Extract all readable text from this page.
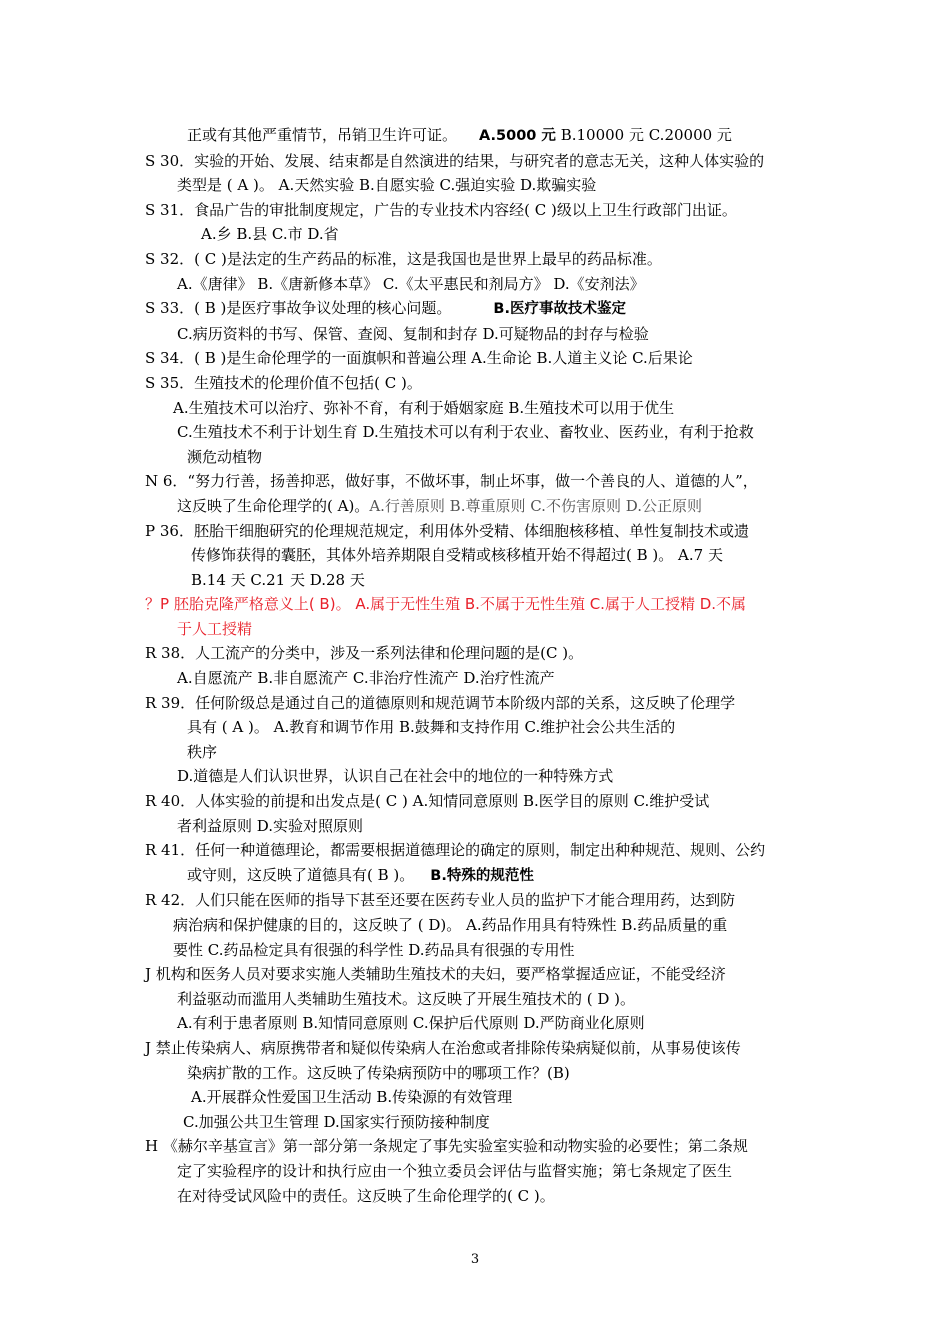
正或有其他严重情节，吊销卫生许可证。 A.5000 元 B.10000 元 C.20000 元
S 30．实验的开始、发展、结束都是自然演进的结果，与研究者的意志无关，这种人体实验的
类型是 ( A )。 A.天然实验 B.自愿实验 C.强迫实验 D.欺骗实验
S 31．食品广告的审批制度规定，广告的专业技术内容经( C )级以上卫生行政部门出证。
A.乡 B.县 C.市 D.省
S 32．( C )是法定的生产药品的标准，这是我国也是世界上最早的药品标准。
A.《唐律》 B.《唐新修本草》 C.《太平惠民和剂局方》 D.《安剂法》
S 33．( B )是医疗事故争议处理的核心问题。	B.医疗事故技术鉴定
C.病历资料的书写、保管、查阅、复制和封存 D.可疑物品的封存与检验
S 34．( B )是生命伦理学的一面旗帜和普遍公理 A.生命论 B.人道主义论 C.后果论
S 35．生殖技术的伦理价值不包括( C )。
A.生殖技术可以治疗、弥补不育，有利于婚姻家庭 B.生殖技术可以用于优生
C.生殖技术不利于计划生育 D.生殖技术可以有利于农业、畜牧业、医药业，有利于抢救
濒危动植物
N 6．“努力行善，扬善抑恶，做好事，不做坏事，制止坏事，做一个善良的人、道德的人”，
这反映了生命伦理学的( A)。A.行善原则 B.尊重原则 C.不伤害原则 D.公正原则
P 36．胚胎干细胞研究的伦理规范规定，利用体外受精、体细胞核移植、单性复制技术或遗
传修饰获得的囊胚，其体外培养期限自受精或核移植开始不得超过( B )。 A.7 天
B.14 天 C.21 天 D.28 天
？P 胚胎克隆严格意义上( B)。 A.属于无性生殖 B.不属于无性生殖 C.属于人工授精 D.不属
于人工授精
R 38．人工流产的分类中，涉及一系列法律和伦理问题的是(C )。
A.自愿流产 B.非自愿流产 C.非治疗性流产 D.治疗性流产
R 39．任何阶级总是通过自己的道德原则和规范调节本阶级内部的关系，这反映了伦理学
具有 ( A )。 A.教育和调节作用 B.鼓舞和支持作用 C.维护社会公共生活的
秩序
D.道德是人们认识世界，认识自己在社会中的地位的一种特殊方式
R 40．人体实验的前提和出发点是( C ) A.知情同意原则 B.医学目的原则 C.维护受试
者利益原则 D.实验对照原则
R 41．任何一种道德理论，都需要根据道德理论的确定的原则，制定出种种规范、规则、公约
或守则，这反映了道德具有( B )。 B.特殊的规范性
R 42．人们只能在医师的指导下甚至还要在医药专业人员的监护下才能合理用药，达到防
病治病和保护健康的目的，这反映了 ( D)。 A.药品作用具有特殊性 B.药品质量的重
要性 C.药品检定具有很强的科学性 D.药品具有很强的专用性
J 机构和医务人员对要求实施人类辅助生殖技术的夫妇，要严格掌握适应证，不能受经济
利益驱动而滥用人类辅助生殖技术。这反映了开展生殖技术的 ( D )。
A.有利于患者原则 B.知情同意原则 C.保护后代原则 D.严防商业化原则
J 禁止传染病人、病原携带者和疑似传染病人在治愈或者排除传染病疑似前，从事易使该传
染病扩散的工作。这反映了传染病预防中的哪项工作？(B)
A.开展群众性爱国卫生活动 B.传染源的有效管理
C.加强公共卫生管理 D.国家实行预防接种制度
H 《赫尔辛基宣言》第一部分第一条规定了事先实验室实验和动物实验的必要性；第二条规
定了实验程序的设计和执行应由一个独立委员会评估与监督实施；第七条规定了医生
在对待受试风险中的责任。这反映了生命伦理学的( C )。
3
